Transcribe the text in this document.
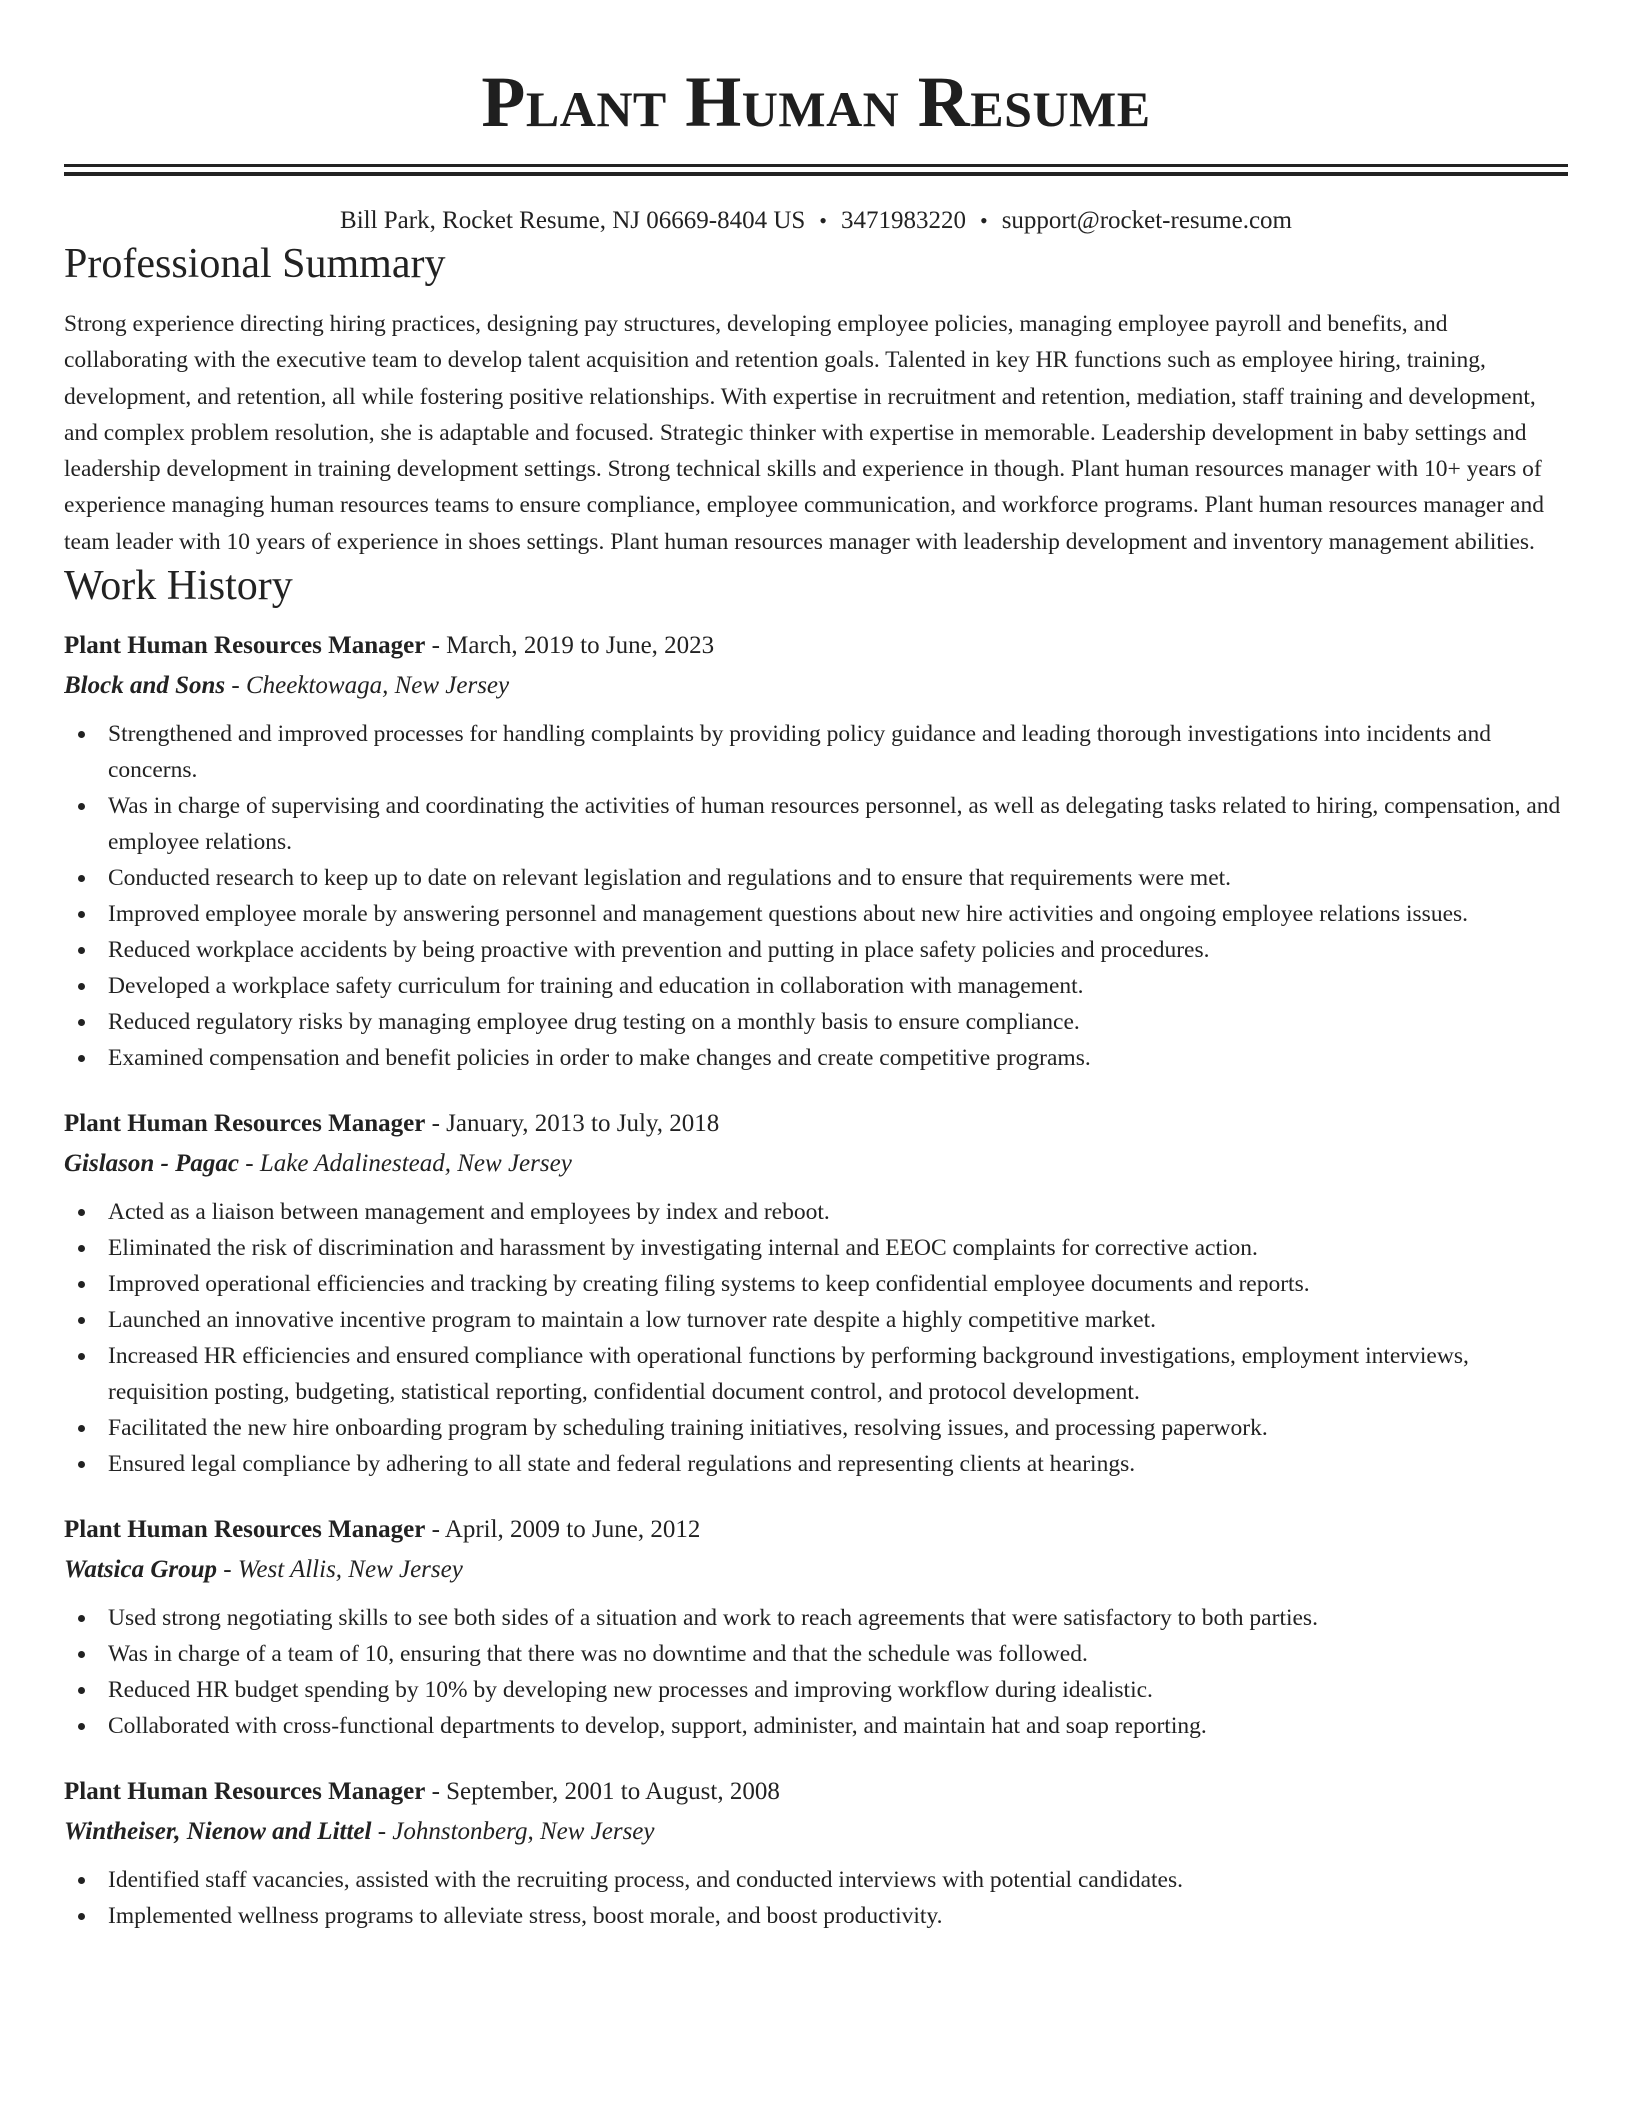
Plant Human Resume
Bill Park, Rocket Resume, NJ 06669-8404 US • 3471983220 • support@rocket-resume.com
Professional Summary
Strong experience directing hiring practices, designing pay structures, developing employee policies, managing employee payroll and benefits, and collaborating with the executive team to develop talent acquisition and retention goals. Talented in key HR functions such as employee hiring, training, development, and retention, all while fostering positive relationships. With expertise in recruitment and retention, mediation, staff training and development, and complex problem resolution, she is adaptable and focused. Strategic thinker with expertise in memorable. Leadership development in baby settings and leadership development in training development settings. Strong technical skills and experience in though. Plant human resources manager with 10+ years of experience managing human resources teams to ensure compliance, employee communication, and workforce programs. Plant human resources manager and team leader with 10 years of experience in shoes settings. Plant human resources manager with leadership development and inventory management abilities.
Work History
Plant Human Resources Manager - March, 2019 to June, 2023
Block and Sons - Cheektowaga, New Jersey
Strengthened and improved processes for handling complaints by providing policy guidance and leading thorough investigations into incidents and concerns.
Was in charge of supervising and coordinating the activities of human resources personnel, as well as delegating tasks related to hiring, compensation, and employee relations.
Conducted research to keep up to date on relevant legislation and regulations and to ensure that requirements were met.
Improved employee morale by answering personnel and management questions about new hire activities and ongoing employee relations issues.
Reduced workplace accidents by being proactive with prevention and putting in place safety policies and procedures.
Developed a workplace safety curriculum for training and education in collaboration with management.
Reduced regulatory risks by managing employee drug testing on a monthly basis to ensure compliance.
Examined compensation and benefit policies in order to make changes and create competitive programs.
Plant Human Resources Manager - January, 2013 to July, 2018
Gislason - Pagac - Lake Adalinestead, New Jersey
Acted as a liaison between management and employees by index and reboot.
Eliminated the risk of discrimination and harassment by investigating internal and EEOC complaints for corrective action.
Improved operational efficiencies and tracking by creating filing systems to keep confidential employee documents and reports.
Launched an innovative incentive program to maintain a low turnover rate despite a highly competitive market.
Increased HR efficiencies and ensured compliance with operational functions by performing background investigations, employment interviews, requisition posting, budgeting, statistical reporting, confidential document control, and protocol development.
Facilitated the new hire onboarding program by scheduling training initiatives, resolving issues, and processing paperwork.
Ensured legal compliance by adhering to all state and federal regulations and representing clients at hearings.
Plant Human Resources Manager - April, 2009 to June, 2012
Watsica Group - West Allis, New Jersey
Used strong negotiating skills to see both sides of a situation and work to reach agreements that were satisfactory to both parties.
Was in charge of a team of 10, ensuring that there was no downtime and that the schedule was followed.
Reduced HR budget spending by 10% by developing new processes and improving workflow during idealistic.
Collaborated with cross-functional departments to develop, support, administer, and maintain hat and soap reporting.
Plant Human Resources Manager - September, 2001 to August, 2008
Wintheiser, Nienow and Littel - Johnstonberg, New Jersey
Identified staff vacancies, assisted with the recruiting process, and conducted interviews with potential candidates.
Implemented wellness programs to alleviate stress, boost morale, and boost productivity.
